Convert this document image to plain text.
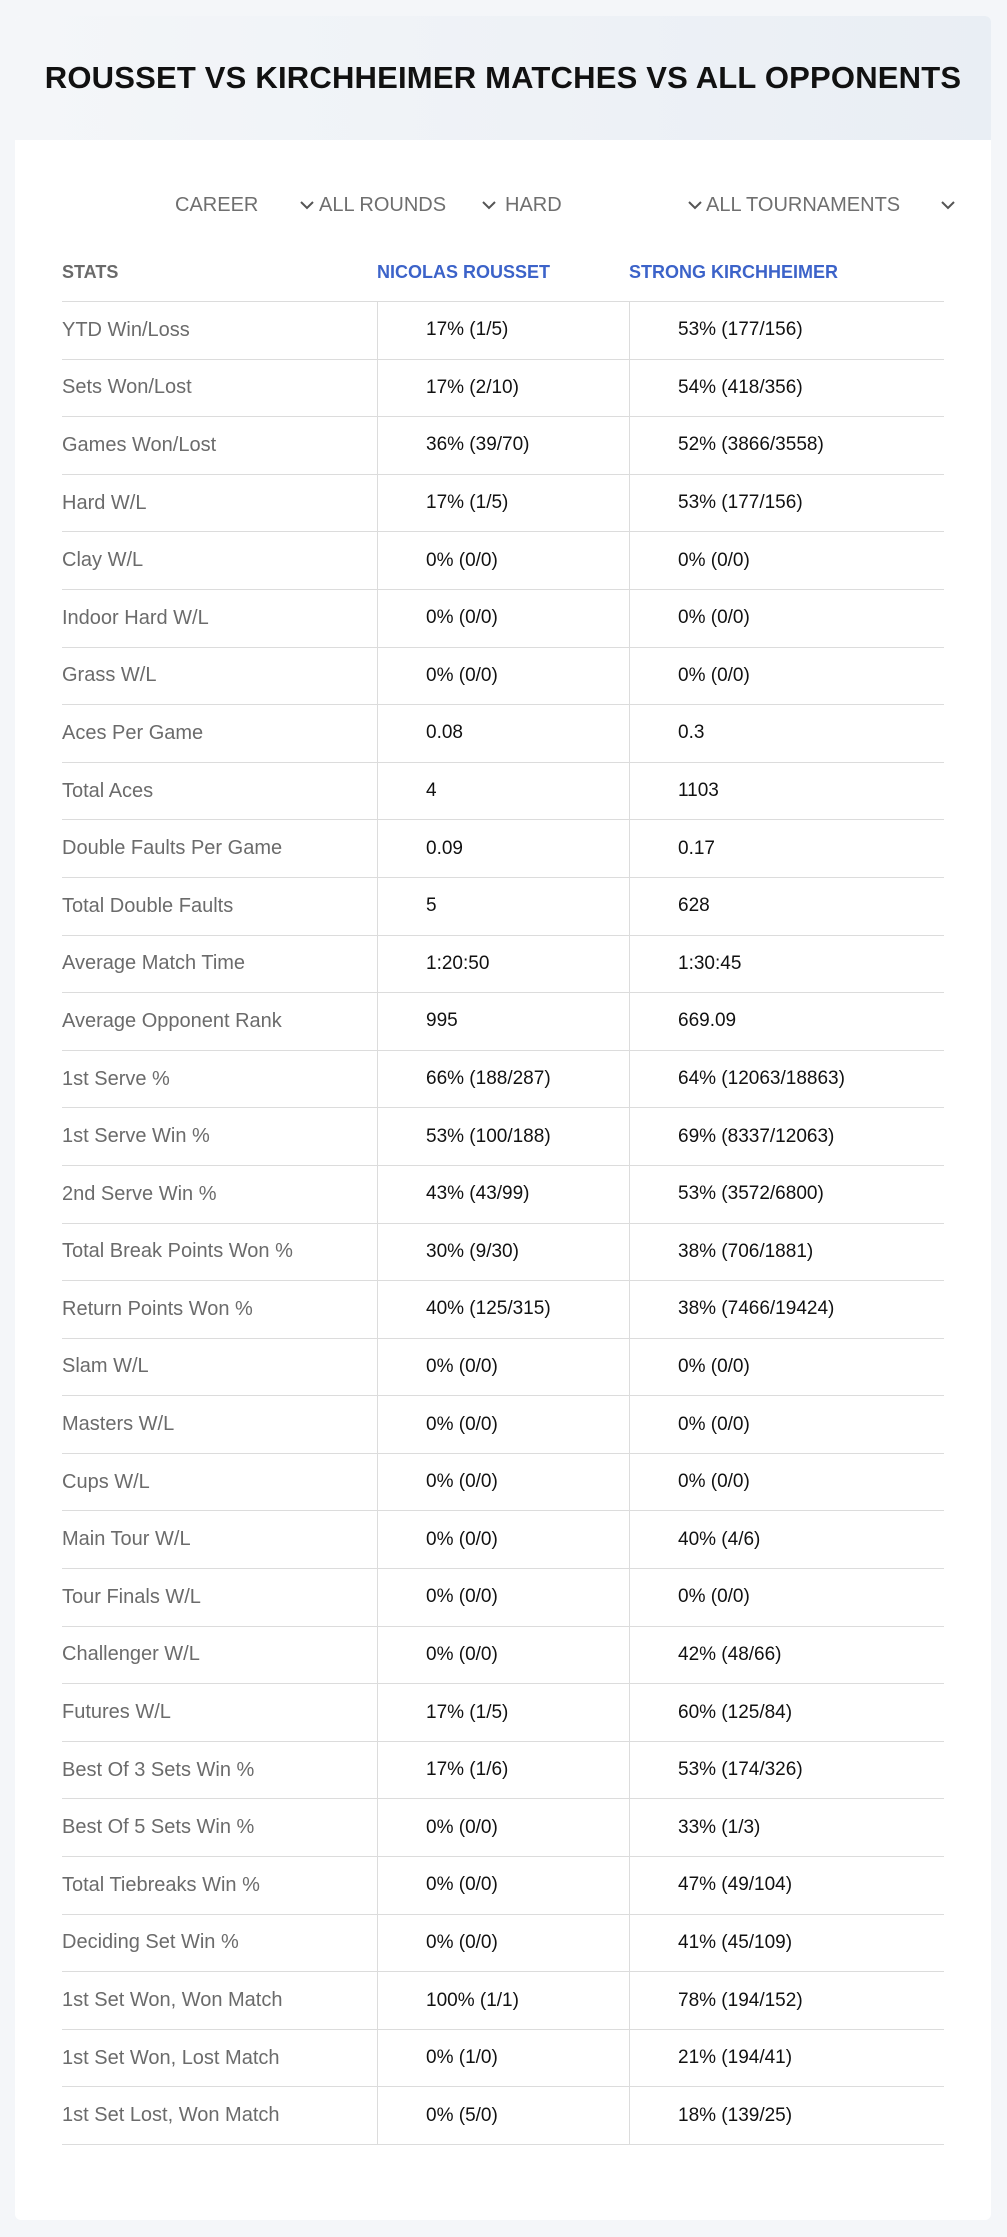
ROUSSET VS KIRCHHEIMER MATCHES VS ALL OPPONENTS
CAREER	ALL ROUNDS	HARD	ALL TOURNAMENTS
STATS	NICOLAS ROUSSET	STRONG KIRCHHEIMER
YTD Win/Loss	17% (1/5)	53% (177/156)
Sets Won/Lost	17% (2/10)	54% (418/356)
Games Won/Lost	36% (39/70)	52% (3866/3558)
Hard W/L	17% (1/5)	53% (177/156)
Clay W/L	0% (0/0)	0% (0/0)
Indoor Hard W/L	0% (0/0)	0% (0/0)
Grass W/L	0% (0/0)	0% (0/0)
Aces Per Game	0.08	0.3
Total Aces	4	1103
Double Faults Per Game	0.09	0.17
Total Double Faults	5	628
Average Match Time	1:20:50	1:30:45
Average Opponent Rank	995	669.09
1st Serve %	66% (188/287)	64% (12063/18863)
1st Serve Win %	53% (100/188)	69% (8337/12063)
2nd Serve Win %	43% (43/99)	53% (3572/6800)
Total Break Points Won %	30% (9/30)	38% (706/1881)
Return Points Won %	40% (125/315)	38% (7466/19424)
Slam W/L	0% (0/0)	0% (0/0)
Masters W/L	0% (0/0)	0% (0/0)
Cups W/L	0% (0/0)	0% (0/0)
Main Tour W/L	0% (0/0)	40% (4/6)
Tour Finals W/L	0% (0/0)	0% (0/0)
Challenger W/L	0% (0/0)	42% (48/66)
Futures W/L	17% (1/5)	60% (125/84)
Best Of 3 Sets Win %	17% (1/6)	53% (174/326)
Best Of 5 Sets Win %	0% (0/0)	33% (1/3)
Total Tiebreaks Win %	0% (0/0)	47% (49/104)
Deciding Set Win %	0% (0/0)	41% (45/109)
1st Set Won, Won Match	100% (1/1)	78% (194/152)
1st Set Won, Lost Match	0% (1/0)	21% (194/41)
1st Set Lost, Won Match	0% (5/0)	18% (139/25)
